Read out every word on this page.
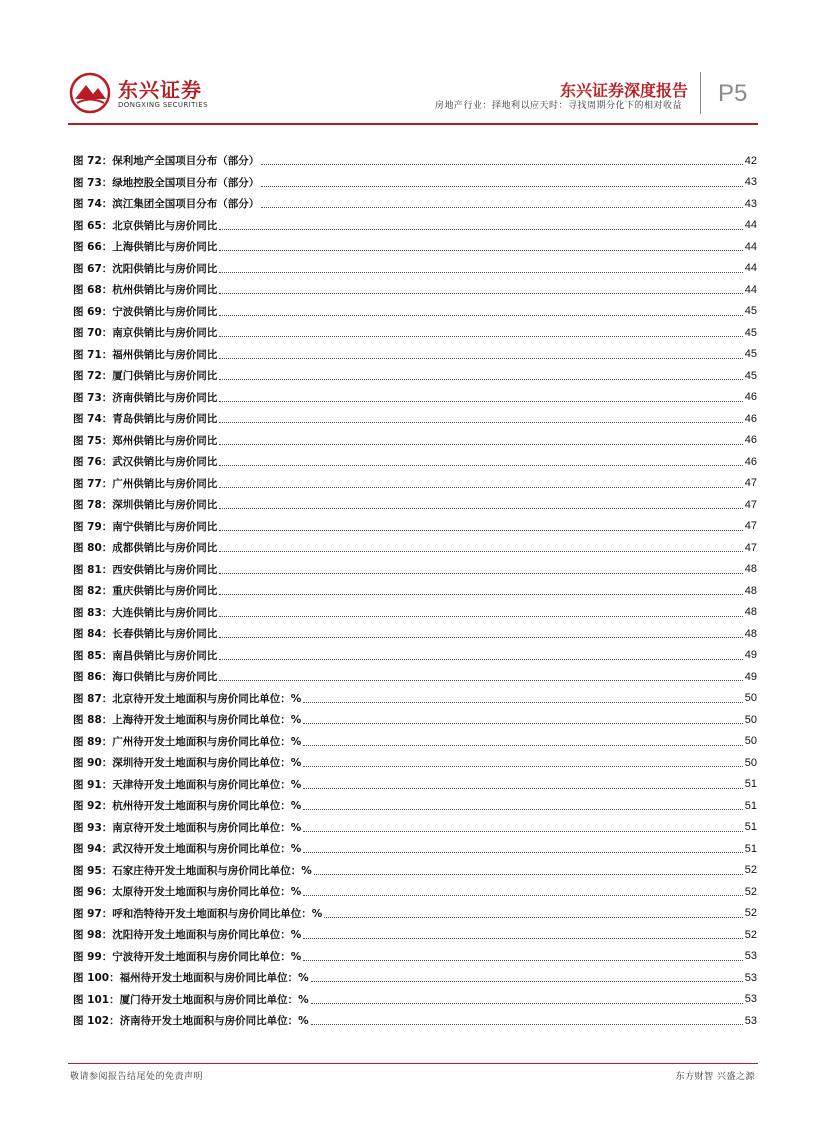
东兴证券
DONGXING SECURITIES
东兴证券深度报告
房地产行业：择地利以应天时：寻找周期分化下的相对收益 P5
图 72：保利地产全国项目分布（部分）	42
图 73：绿地控股全国项目分布（部分）	43
图 74：滨江集团全国项目分布（部分）	43
图 65：北京供销比与房价同比	44
图 66：上海供销比与房价同比	44
图 67：沈阳供销比与房价同比	44
图 68：杭州供销比与房价同比	44
图 69：宁波供销比与房价同比	45
图 70：南京供销比与房价同比	45
图 71：福州供销比与房价同比	45
图 72：厦门供销比与房价同比	45
图 73：济南供销比与房价同比	46
图 74：青岛供销比与房价同比	46
图 75：郑州供销比与房价同比	46
图 76：武汉供销比与房价同比	46
图 77：广州供销比与房价同比	47
图 78：深圳供销比与房价同比	47
图 79：南宁供销比与房价同比	47
图 80：成都供销比与房价同比	47
图 81：西安供销比与房价同比	48
图 82：重庆供销比与房价同比	48
图 83：大连供销比与房价同比	48
图 84：长春供销比与房价同比	48
图 85：南昌供销比与房价同比	49
图 86：海口供销比与房价同比	49
图 87：北京待开发土地面积与房价同比单位：%	50
图 88：上海待开发土地面积与房价同比单位：%	50
图 89：广州待开发土地面积与房价同比单位：%	50
图 90：深圳待开发土地面积与房价同比单位：%	50
图 91：天津待开发土地面积与房价同比单位：%	51
图 92：杭州待开发土地面积与房价同比单位：%	51
图 93：南京待开发土地面积与房价同比单位：%	51
图 94：武汉待开发土地面积与房价同比单位：%	51
图 95：石家庄待开发土地面积与房价同比单位：%	52
图 96：太原待开发土地面积与房价同比单位：%	52
图 97：呼和浩特待开发土地面积与房价同比单位：%	52
图 98：沈阳待开发土地面积与房价同比单位：%	52
图 99：宁波待开发土地面积与房价同比单位：%	53
图 100：福州待开发土地面积与房价同比单位：%	53
图 101：厦门待开发土地面积与房价同比单位：%	53
图 102：济南待开发土地面积与房价同比单位：%	53
敬请参阅报告结尾处的免责声明	东方财智 兴盛之源
